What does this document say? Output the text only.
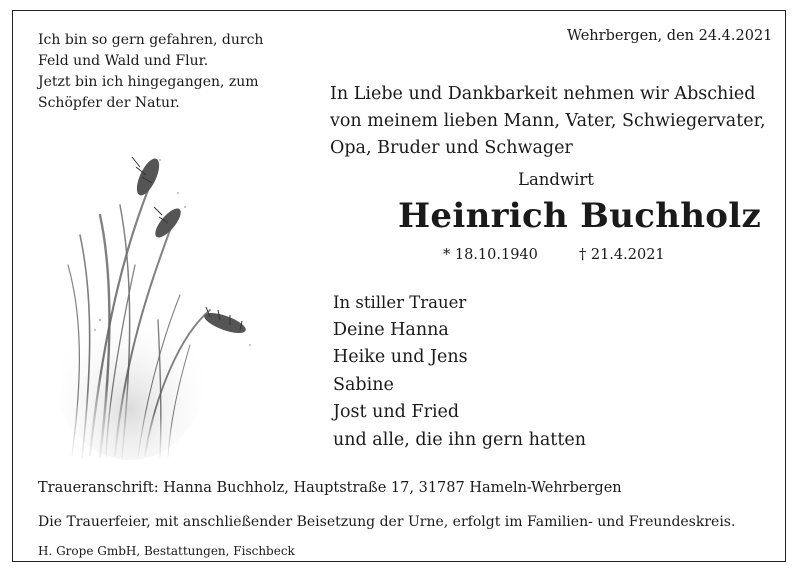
Ich bin so gern gefahren, durch
Feld und Wald und Flur.
Jetzt bin ich hingegangen, zum
Schöpfer der Natur.
Wehrbergen, den 24.4.2021
In Liebe und Dankbarkeit nehmen wir Abschied
von meinem lieben Mann, Vater, Schwiegervater,
Opa, Bruder und Schwager
Landwirt
Heinrich Buchholz
* 18.10.1940	† 21.4.2021
In stiller Trauer
Deine Hanna
Heike und Jens
Sabine
Jost und Fried
und alle, die ihn gern hatten
Traueranschrift: Hanna Buchholz, Hauptstraße 17, 31787 Hameln-Wehrbergen
Die Trauerfeier, mit anschließender Beisetzung der Urne, erfolgt im Familien- und Freundeskreis.
H. Grope GmbH, Bestattungen, Fischbeck
